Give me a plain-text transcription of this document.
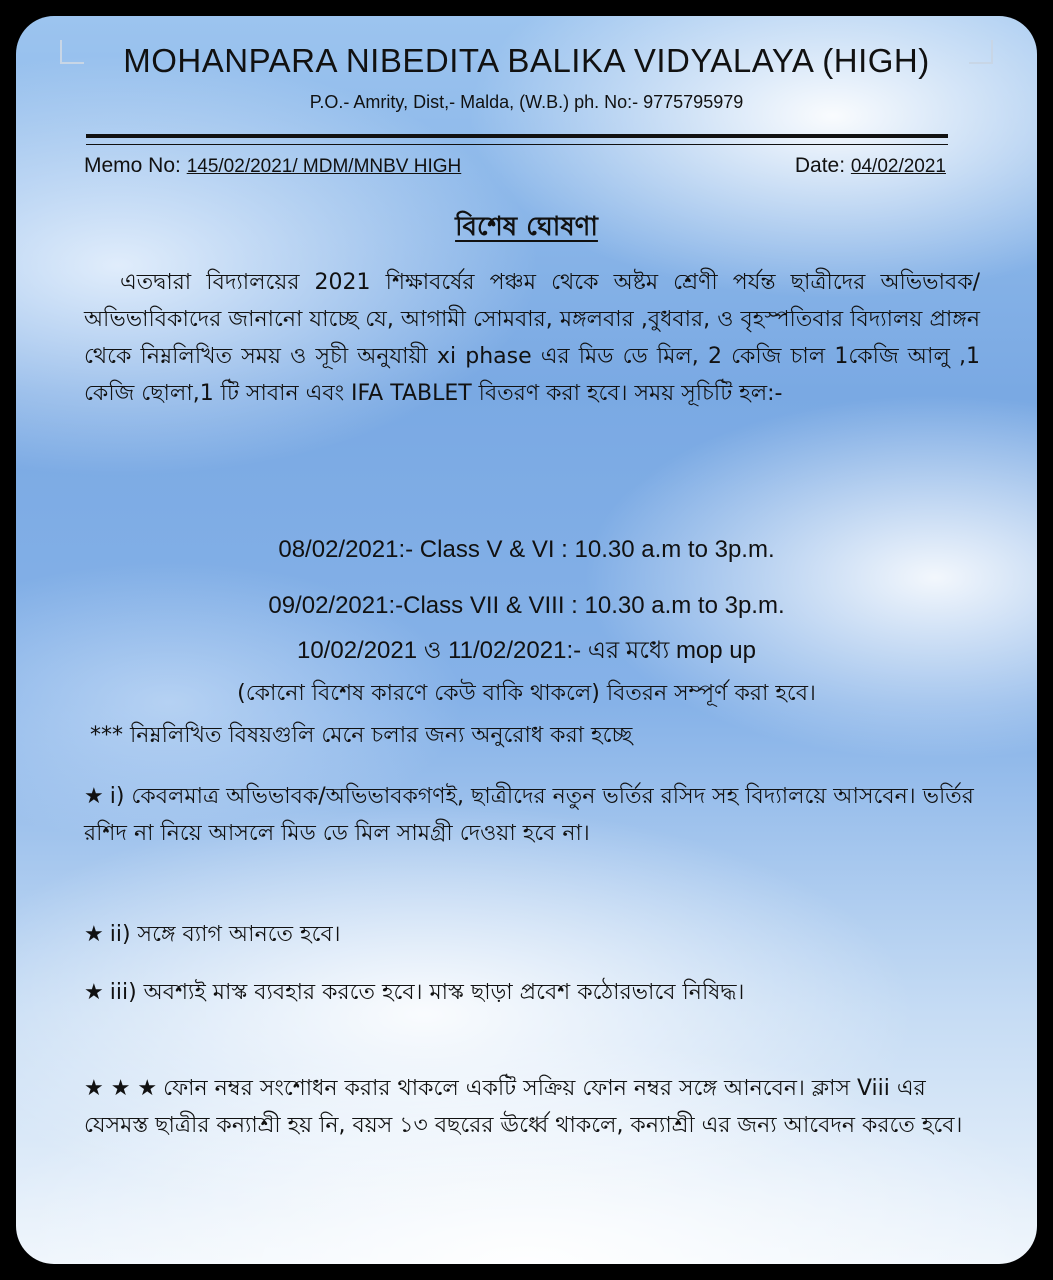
MOHANPARA NIBEDITA BALIKA VIDYALAYA (HIGH)
P.O.- Amrity, Dist,- Malda, (W.B.) ph. No:- 9775795979
Memo No: 145/02/2021/ MDM/MNBV HIGH	Date: 04/02/2021
বিশেষ ঘোষণা
এতদ্বারা বিদ্যালয়ের 2021 শিক্ষাবর্ষের পঞ্চম থেকে অষ্টম শ্রেণী পর্যন্ত ছাত্রীদের অভিভাবক/অভিভাবিকাদের জানানো যাচ্ছে যে, আগামী সোমবার, মঙ্গলবার ,বুধবার, ও বৃহস্পতিবার বিদ্যালয় প্রাঙ্গন থেকে নিম্নলিখিত সময় ও সূচী অনুযায়ী xi phase এর মিড ডে মিল, 2 কেজি চাল 1কেজি আলু ,1 কেজি ছোলা,1 টি সাবান এবং IFA TABLET বিতরণ করা হবে। সময় সূচিটি হল:-
08/02/2021:- Class V & VI : 10.30 a.m to 3p.m.
09/02/2021:-Class VII & VIII : 10.30 a.m to 3p.m.
10/02/2021 ও 11/02/2021:- এর মধ্যে mop up
(কোনো বিশেষ কারণে কেউ বাকি থাকলে) বিতরন সম্পূর্ণ করা হবে।
*** নিম্নলিখিত বিষয়গুলি মেনে চলার জন্য অনুরোধ করা হচ্ছে
★ i) কেবলমাত্র অভিভাবক/অভিভাবকগণই, ছাত্রীদের নতুন ভর্তির রসিদ সহ বিদ্যালয়ে আসবেন। ভর্তির রশিদ না নিয়ে আসলে মিড ডে মিল সামগ্রী দেওয়া হবে না।
★ ii) সঙ্গে ব্যাগ আনতে হবে।
★ iii) অবশ্যই মাস্ক ব্যবহার করতে হবে। মাস্ক ছাড়া প্রবেশ কঠোরভাবে নিষিদ্ধ।
★ ★ ★ ফোন নম্বর সংশোধন করার থাকলে একটি সক্রিয় ফোন নম্বর সঙ্গে আনবেন। ক্লাস Viii এর যেসমস্ত ছাত্রীর কন্যাশ্রী হয় নি, বয়স ১৩ বছরের ঊর্ধ্বে থাকলে, কন্যাশ্রী এর জন্য আবেদন করতে হবে।
